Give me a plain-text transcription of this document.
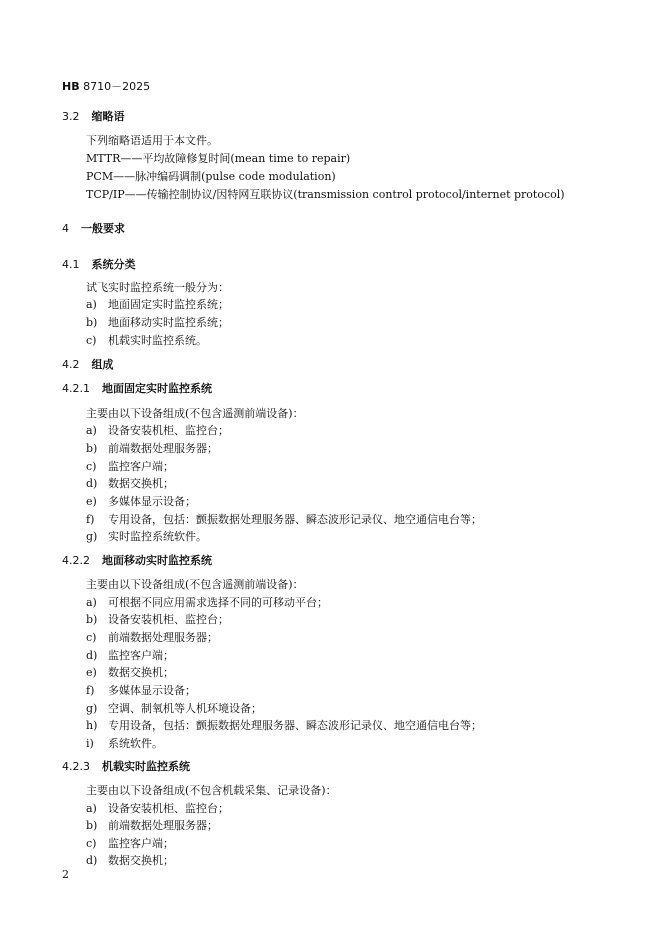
HB 8710－2025
3.2 缩略语
下列缩略语适用于本文件。
MTTR——平均故障修复时间(mean time to repair)
PCM——脉冲编码调制(pulse code modulation)
TCP/IP——传输控制协议/因特网互联协议(transmission control protocol/internet protocol)
4 一般要求
4.1 系统分类
试飞实时监控系统一般分为：
a) 地面固定实时监控系统；
b) 地面移动实时监控系统；
c) 机载实时监控系统。
4.2 组成
4.2.1 地面固定实时监控系统
主要由以下设备组成(不包含遥测前端设备)：
a) 设备安装机柜、监控台；
b) 前端数据处理服务器；
c) 监控客户端；
d) 数据交换机；
e) 多媒体显示设备；
f) 专用设备，包括：颤振数据处理服务器、瞬态波形记录仪、地空通信电台等；
g) 实时监控系统软件。
4.2.2 地面移动实时监控系统
主要由以下设备组成(不包含遥测前端设备)：
a) 可根据不同应用需求选择不同的可移动平台；
b) 设备安装机柜、监控台；
c) 前端数据处理服务器；
d) 监控客户端；
e) 数据交换机；
f) 多媒体显示设备；
g) 空调、制氧机等人机环境设备；
h) 专用设备，包括：颤振数据处理服务器、瞬态波形记录仪、地空通信电台等；
i) 系统软件。
4.2.3 机载实时监控系统
主要由以下设备组成(不包含机载采集、记录设备)：
a) 设备安装机柜、监控台；
b) 前端数据处理服务器；
c) 监控客户端；
d) 数据交换机；
2
